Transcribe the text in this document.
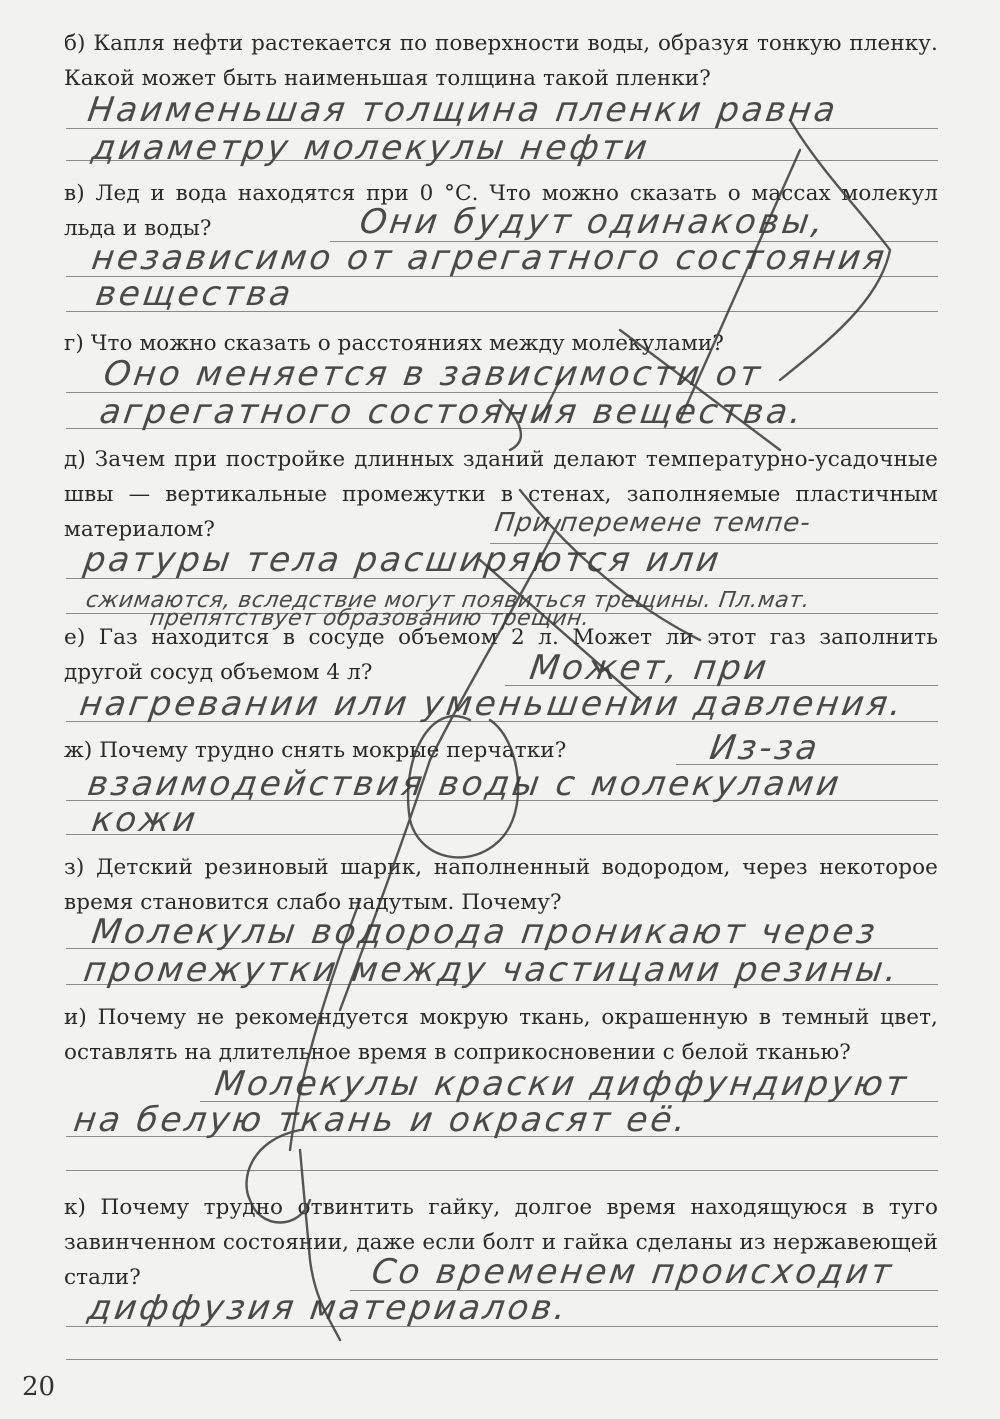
б) Капля нефти растекается по поверхности воды, образуя тонкую пленку. Какой может быть наименьшая толщина такой пленки?
Наименьшая толщина пленки равна
диаметру молекулы нефти
в) Лед и вода находятся при 0 °С. Что можно сказать о массах молекул льда и воды?	Они будут одинаковы,
независимо от агрегатного состояния
вещества
г) Что можно сказать о расстояниях между молекулами?
Оно меняется в зависимости от
агрегатного состояния вещества.
д) Зачем при постройке длинных зданий делают температурно-усадочные швы — вертикальные промежутки в стенах, заполняемые пластичным материалом?	При перемене темпе-
ратуры тела расширяются или
сжимаются, вследствие могут появиться трещины. Пл.мат.
препятствует образованию трещин.
е) Газ находится в сосуде объемом 2 л. Может ли этот газ заполнить другой сосуд объемом 4 л?	Может, при
нагревании или уменьшении давления.
ж) Почему трудно снять мокрые перчатки?	Из-за
взаимодействия воды с молекулами
кожи
з) Детский резиновый шарик, наполненный водородом, через некоторое время становится слабо надутым. Почему?
Молекулы водорода проникают через
промежутки между частицами резины.
и) Почему не рекомендуется мокрую ткань, окрашенную в темный цвет, оставлять на длительное время в соприкосновении с белой тканью?
Молекулы краски диффундируют
на белую ткань и окрасят её.
к) Почему трудно отвинтить гайку, долгое время находящуюся в туго завинченном состоянии, даже если болт и гайка сделаны из нержавеющей стали?	Со временем происходит
диффузия материалов.
20
